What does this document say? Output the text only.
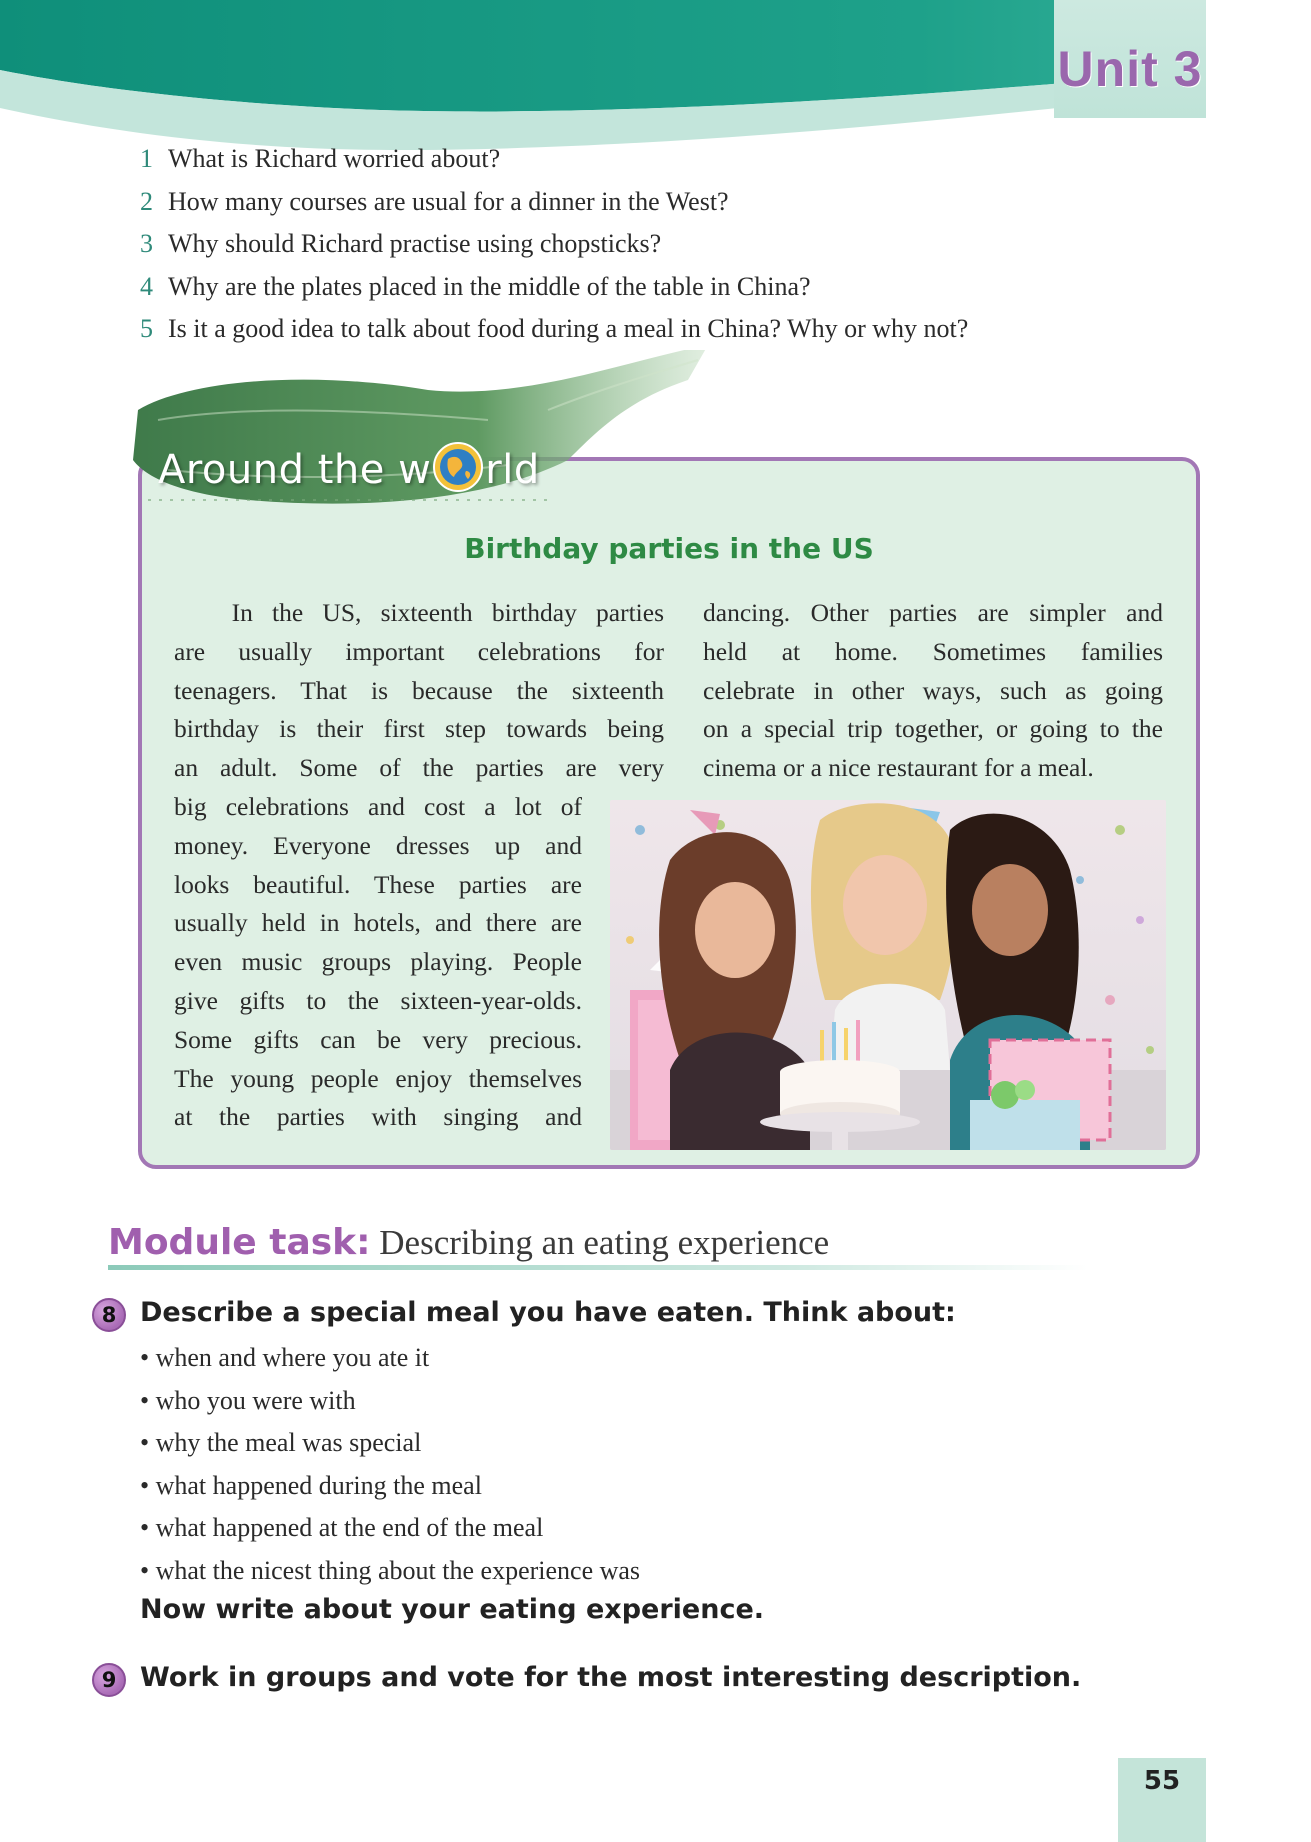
Unit 3
1 What is Richard worried about?
2 How many courses are usual for a dinner in the West?
3 Why should Richard practise using chopsticks?
4 Why are the plates placed in the middle of the table in China?
5 Is it a good idea to talk about food during a meal in China? Why or why not?
Around the w rld
Birthday parties in the US

In the US, sixteenth birthday parties

are usually important celebrations for

teenagers. That is because the sixteenth

birthday is their first step towards being

an adult. Some of the parties are very

big celebrations and cost a lot of

money. Everyone dresses up and

looks beautiful. These parties are

usually held in hotels, and there are

even music groups playing. People

give gifts to the sixteen-year-olds.

Some gifts can be very precious.

The young people enjoy themselves

at the parties with singing and

dancing. Other parties are simpler and

held at home. Sometimes families

celebrate in other ways, such as going

on a special trip together, or going to the

cinema or a nice restaurant for a meal.

Module task: Describing an eating experience
8 Describe a special meal you have eaten. Think about:
• when and where you ate it
• who you were with
• why the meal was special
• what happened during the meal
• what happened at the end of the meal
• what the nicest thing about the experience was
Now write about your eating experience.
9 Work in groups and vote for the most interesting description.
55
